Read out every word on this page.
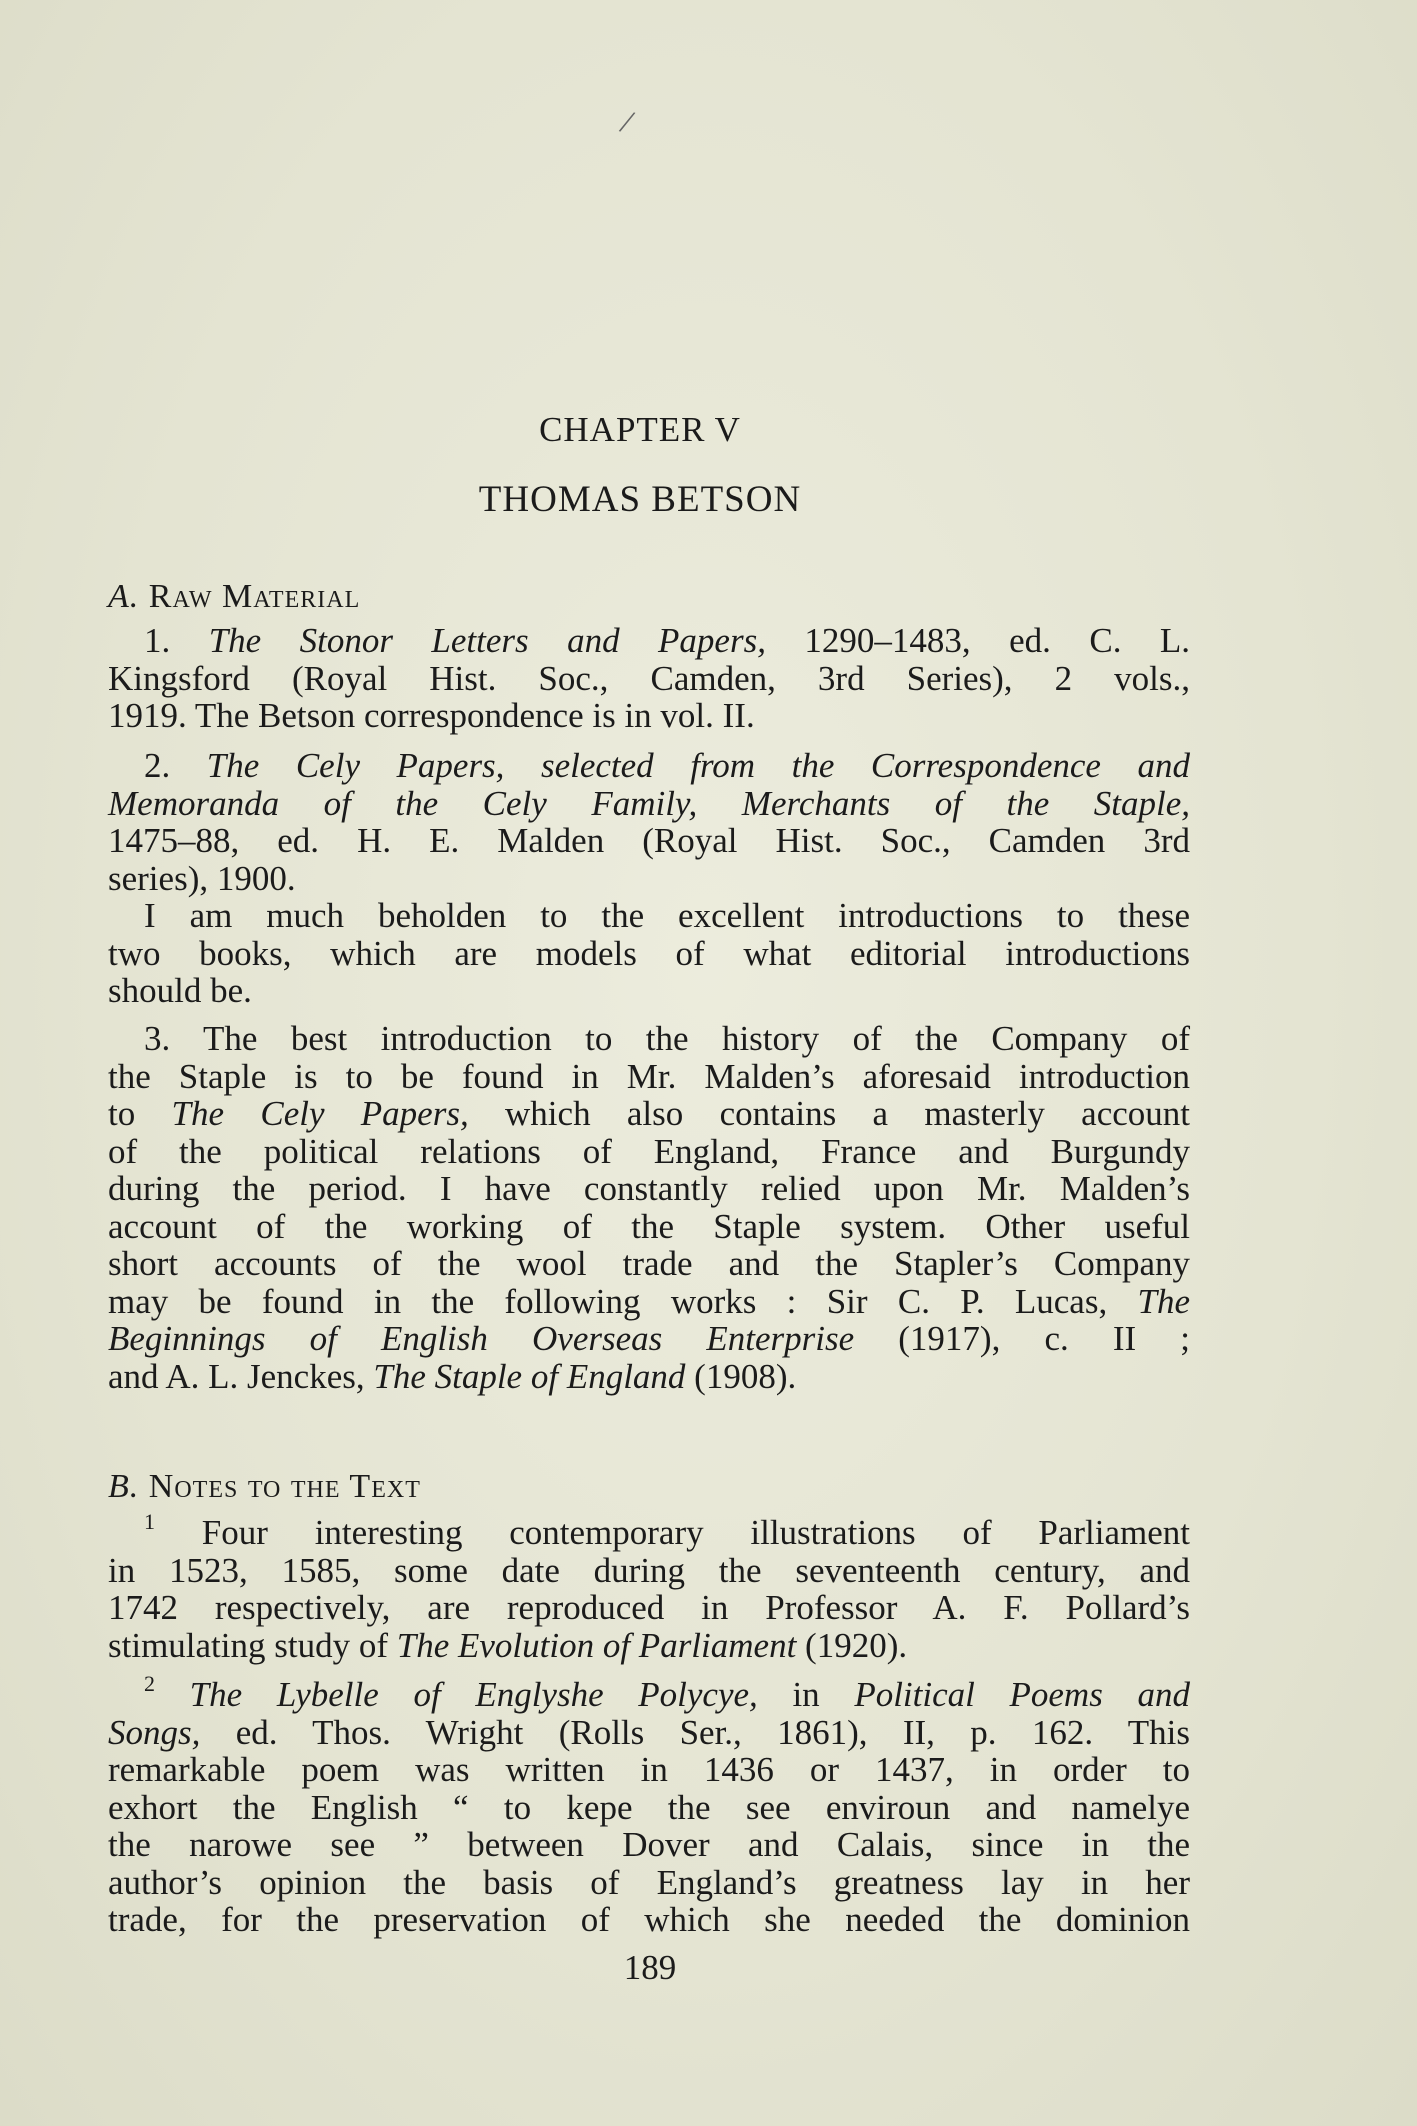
/
CHAPTER V
THOMAS BETSON
A. Raw Material
1. The Stonor Letters and Papers, 1290–1483, ed. C. L.
Kingsford (Royal Hist. Soc., Camden, 3rd Series), 2 vols.,
1919. The Betson correspondence is in vol. II.
2. The Cely Papers, selected from the Correspondence and
Memoranda of the Cely Family, Merchants of the Staple,
1475–88, ed. H. E. Malden (Royal Hist. Soc., Camden 3rd
series), 1900.
I am much beholden to the excellent introductions to these
two books, which are models of what editorial introductions
should be.
3. The best introduction to the history of the Company of
the Staple is to be found in Mr. Malden’s aforesaid introduction
to The Cely Papers, which also contains a masterly account
of the political relations of England, France and Burgundy
during the period. I have constantly relied upon Mr. Malden’s
account of the working of the Staple system. Other useful
short accounts of the wool trade and the Stapler’s Company
may be found in the following works : Sir C. P. Lucas, The
Beginnings of English Overseas Enterprise (1917), c. II ;
and A. L. Jenckes, The Staple of England (1908).
B. Notes to the Text
$^1$ Four interesting contemporary illustrations of Parliament
in 1523, 1585, some date during the seventeenth century, and
1742 respectively, are reproduced in Professor A. F. Pollard’s
stimulating study of The Evolution of Parliament (1920).
$^2$ The Lybelle of Englyshe Polycye, in Political Poems and
Songs, ed. Thos. Wright (Rolls Ser., 1861), II, p. 162. This
remarkable poem was written in 1436 or 1437, in order to
exhort the English “ to kepe the see enviroun and namelye
the narowe see ” between Dover and Calais, since in the
author’s opinion the basis of England’s greatness lay in her
trade, for the preservation of which she needed the dominion
189
